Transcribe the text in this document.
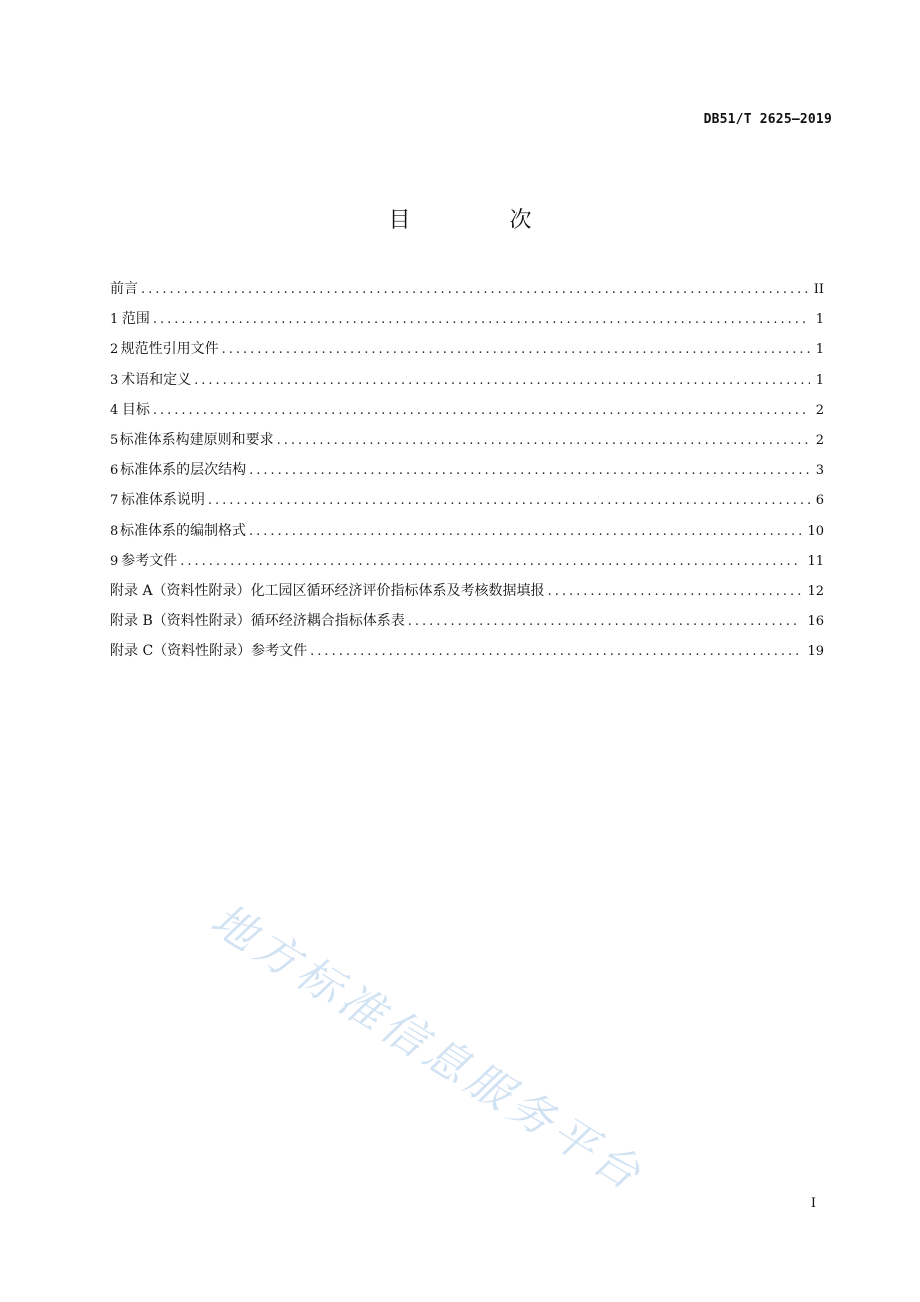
DB51/T 2625—2019
目 次
前言 .....	II
1 范围 .....	1
2 规范性引用文件 .....	1
3 术语和定义 .....	1
4 目标 .....	2
5 标准体系构建原则和要求 .....	2
6 标准体系的层次结构 .....	3
7 标准体系说明 .....	6
8 标准体系的编制格式 .....	10
9 参考文件 .....	11
附录 A（资料性附录） 化工园区循环经济评价指标体系及考核数据填报 .....	12
附录 B（资料性附录） 循环经济耦合指标体系表 .....	16
附录 C（资料性附录） 参考文件 .....	19
地方标准信息服务平台
I
